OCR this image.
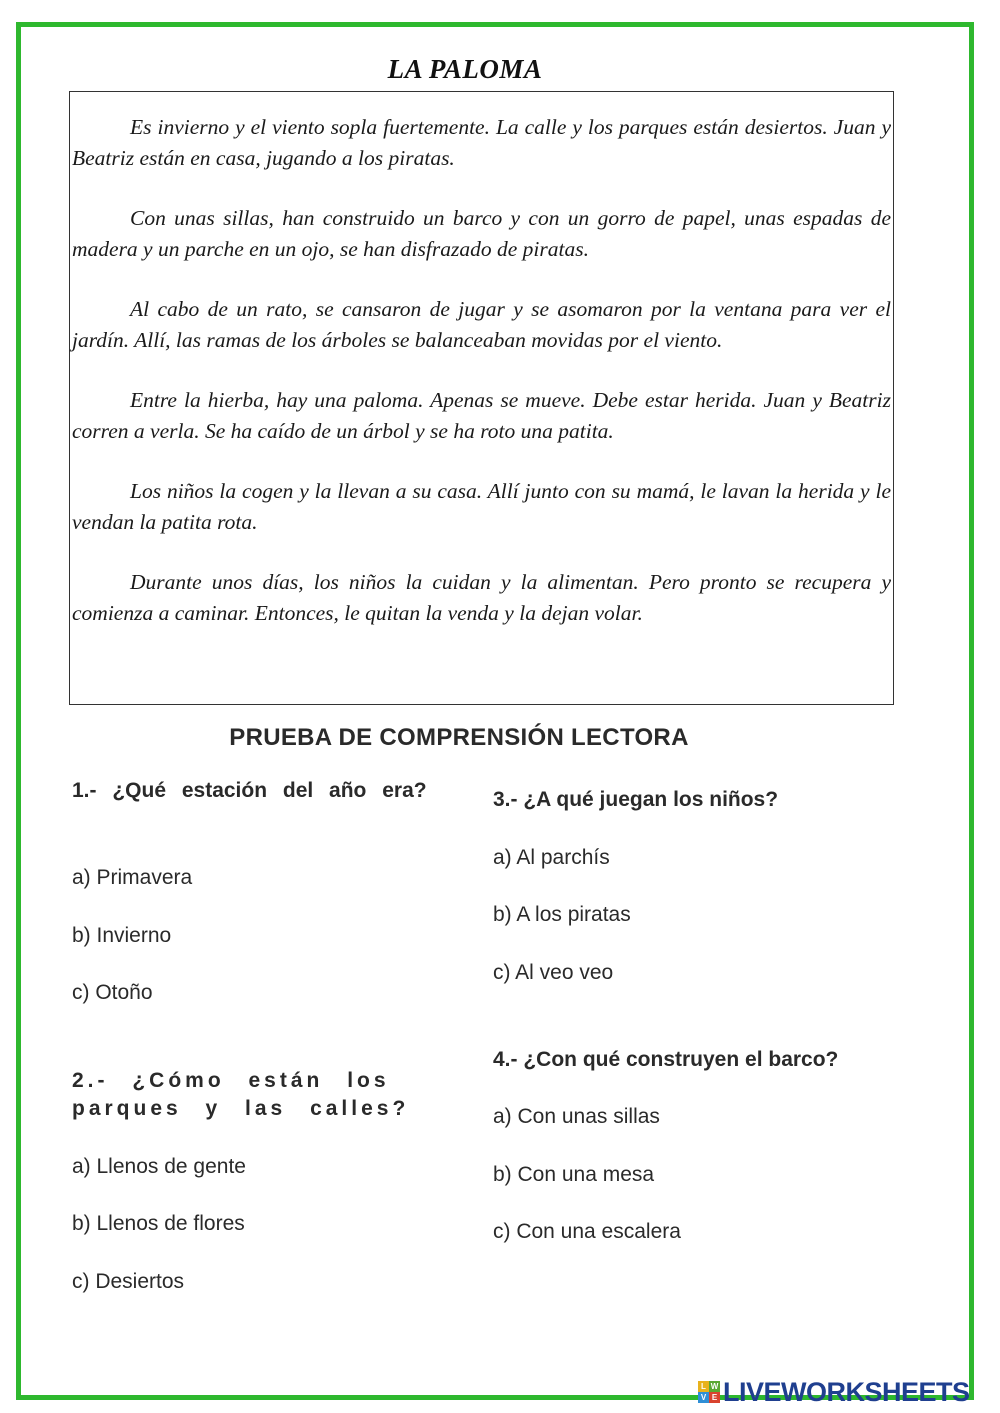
LA PALOMA

Es invierno y el viento sopla fuertemente. La calle y los parques están desiertos. Juan y Beatriz están en casa, jugando a los piratas.

Con unas sillas, han construido un barco y con un gorro de papel, unas espadas de madera y un parche en un ojo, se han disfrazado de piratas.

Al cabo de un rato, se cansaron de jugar y se asomaron por la ventana para ver el jardín. Allí, las ramas de los árboles se balanceaban movidas por el viento.

Entre la hierba, hay una paloma. Apenas se mueve. Debe estar herida. Juan y Beatriz corren a verla. Se ha caído de un árbol y se ha roto una patita.

Los niños la cogen y la llevan a su casa. Allí junto con su mamá, le lavan la herida y le vendan la patita rota.

Durante unos días, los niños la cuidan y la alimentan. Pero pronto se recupera y comienza a caminar. Entonces, le quitan la venda y la dejan volar.

PRUEBA DE COMPRENSIÓN LECTORA

1.- ¿Qué estación del año era?

a) Primavera
b) Invierno
c) Otoño

2.- ¿Cómo están los parques y las calles?

a) Llenos de gente
b) Llenos de flores
c) Desiertos

3.- ¿A qué juegan los niños?

a) Al parchís
b) A los piratas
c) Al veo veo

4.- ¿Con qué construyen el barco?

a) Con unas sillas
b) Con una mesa
c) Con una escalera
L W
V E LIVEWORKSHEETS
